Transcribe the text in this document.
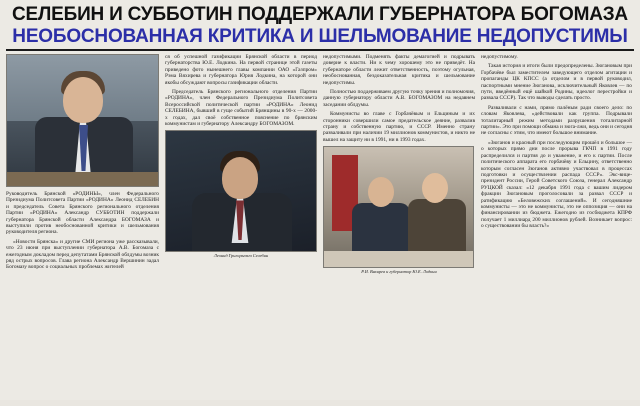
СЕЛЕБИН И СУББОТИН ПОДДЕРЖАЛИ ГУБЕРНАТОРА БОГОМАЗА
НЕОБОСНОВАННАЯ КРИТИКА И ШЕЛЬМОВАНИЕ НЕДОПУСТИМЫ

Руководитель Брянской «РОДИНЫ», член Федерального Президиума Политсовета Партии «РОДИНА» Леонид СЕЛЕБИН и председатель Совета Брянского регионального отделения Партии «РОДИНА» Александр СУББОТИН поддержали губернатора Брянской области Александра БОГОМАЗА и выступили против необоснованной критики и шельмования руководителя региона.

«Новости Брянска» и другие СМИ региона уже рассказывали, что 23 июня при выступлении губернатора А.В. Богомаза с ежегодным докладом перед депутатами Брянской облдумы возник ряд острых вопросов. Глава региона Александр Вершинин задал Богомазу вопрос о социальных проблемах жителей

ся об успешной газификации Брянской области в период губернаторства Ю.Е. Лодкина. На первой странице этой газеты приведено фото нынешнего главы компании ОАО «Газпром» Рэма Вяхирева и губернатора Юрия Лодкина, на которой они якобы обсуждают вопросы газификации области.

Председатель Брянского регионального отделения Партии «РОДИНА», член Федерального Президиума Политсовета Всероссийской политической партии «РОДИНА» Леонид СЕЛЕБИНА, бывший в гуще событий Брянщины в 90-х — 2000-х годах, дал своё собственное пояснение по брянским коммунистам и губернатору Александру БОГОМАЗОМ.

Леонид Григорьевич Селебин

недопустимыми. Подменять факты демагогией и подрывать доверие к власти. Ни к чему хорошему это не приведёт. На губернаторе области лежит ответственность, поэтому огульная, необоснованная, бездоказательная критика и шельмование недопустимы.

Полностью поддерживаем другую точку зрения и полномочия, данную губернатору области А.В. БОГОМАЗОМ на недавнем заседании облдумы.

Коммунисты во главе с Горбачёвым и Ельциным и их сторонники совершили самое предательское деяние, развалив страну и собственную партию, и СССР. Именно страну разваливали при наличии 19 миллионов коммунистов, и никто не вышел на защиту ни в 1991, ни в 1993 годах.

Р.И. Вяхирев и губернатор Ю.Е. Лодкин

недопустимому.

Такая история и итоги были предопределены. Зюгановым при Горбачёве был заместителем заведующего отделом агитации и пропаганды ЦК КПСС (а отделом и в первой руководил, паспортными мнение Зюганова, исключительный Яковлев — по пути, введённый ещё шайкой Родины, идеолог перестройки и развала СССР). Так что выводы сделать просто.

Разваливали с нами, прямо палёным ради своего дело: по словам Яковлева, «действовали как группа. Подрывали тоталитарный режим методами разрушения тоталитарной партии». Это при помощи обмана и зюга-лжи, ведь они и сегодня не согласны с этим, что имеют большое внимание.

«Зюганов и красный при последующим прошёл и большое — о которых прямо дни после прорыва ГКЧП в 1991 году распределился и партия до и уважение, и его к партии. После политического аппарата его горбачёву и Ельцину, ответственно которым согласен Зюганов активно участвовал в процессах подготовки и осуществлении распада СССР». Экс-вице-президент России, Герой Советского Союза, генерал Александр РУЦКОЙ сказал: «12 декабря 1991 года с вашим лидером фракции Зюгановым проголосовали за развал СССР и ратификацию «Беловежских соглашений». И сегодняшние коммунисты — это не коммунисты, это не оппозиция — они на финансировании из бюджета. Ежегодно из госбюджета КПРФ получает 1 миллиард 200 миллионов рублей. Возникает вопрос: о существовании бы власть?»
